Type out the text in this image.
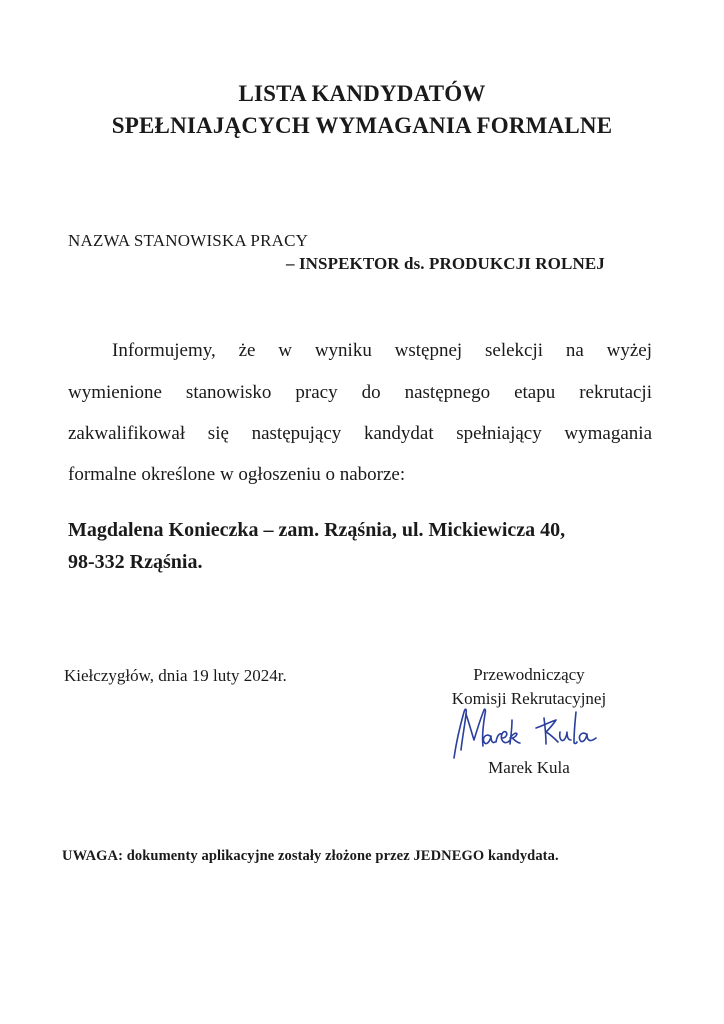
LISTA KANDYDATÓW
SPEŁNIAJĄCYCH WYMAGANIA FORMALNE
NAZWA STANOWISKA PRACY
– INSPEKTOR ds. PRODUKCJI ROLNEJ
Informujemy, że w wyniku wstępnej selekcji na wyżej
wymienione stanowisko pracy do następnego etapu rekrutacji
zakwalifikował się następujący kandydat spełniający wymagania
formalne określone w ogłoszeniu o naborze:
Magdalena Konieczka – zam. Rząśnia, ul. Mickiewicza 40,
98-332 Rząśnia.
Kiełczygłów, dnia 19 luty 2024r.	Przewodniczący
Komisji Rekrutacyjnej
Marek Kula
UWAGA: dokumenty aplikacyjne zostały złożone przez JEDNEGO kandydata.
